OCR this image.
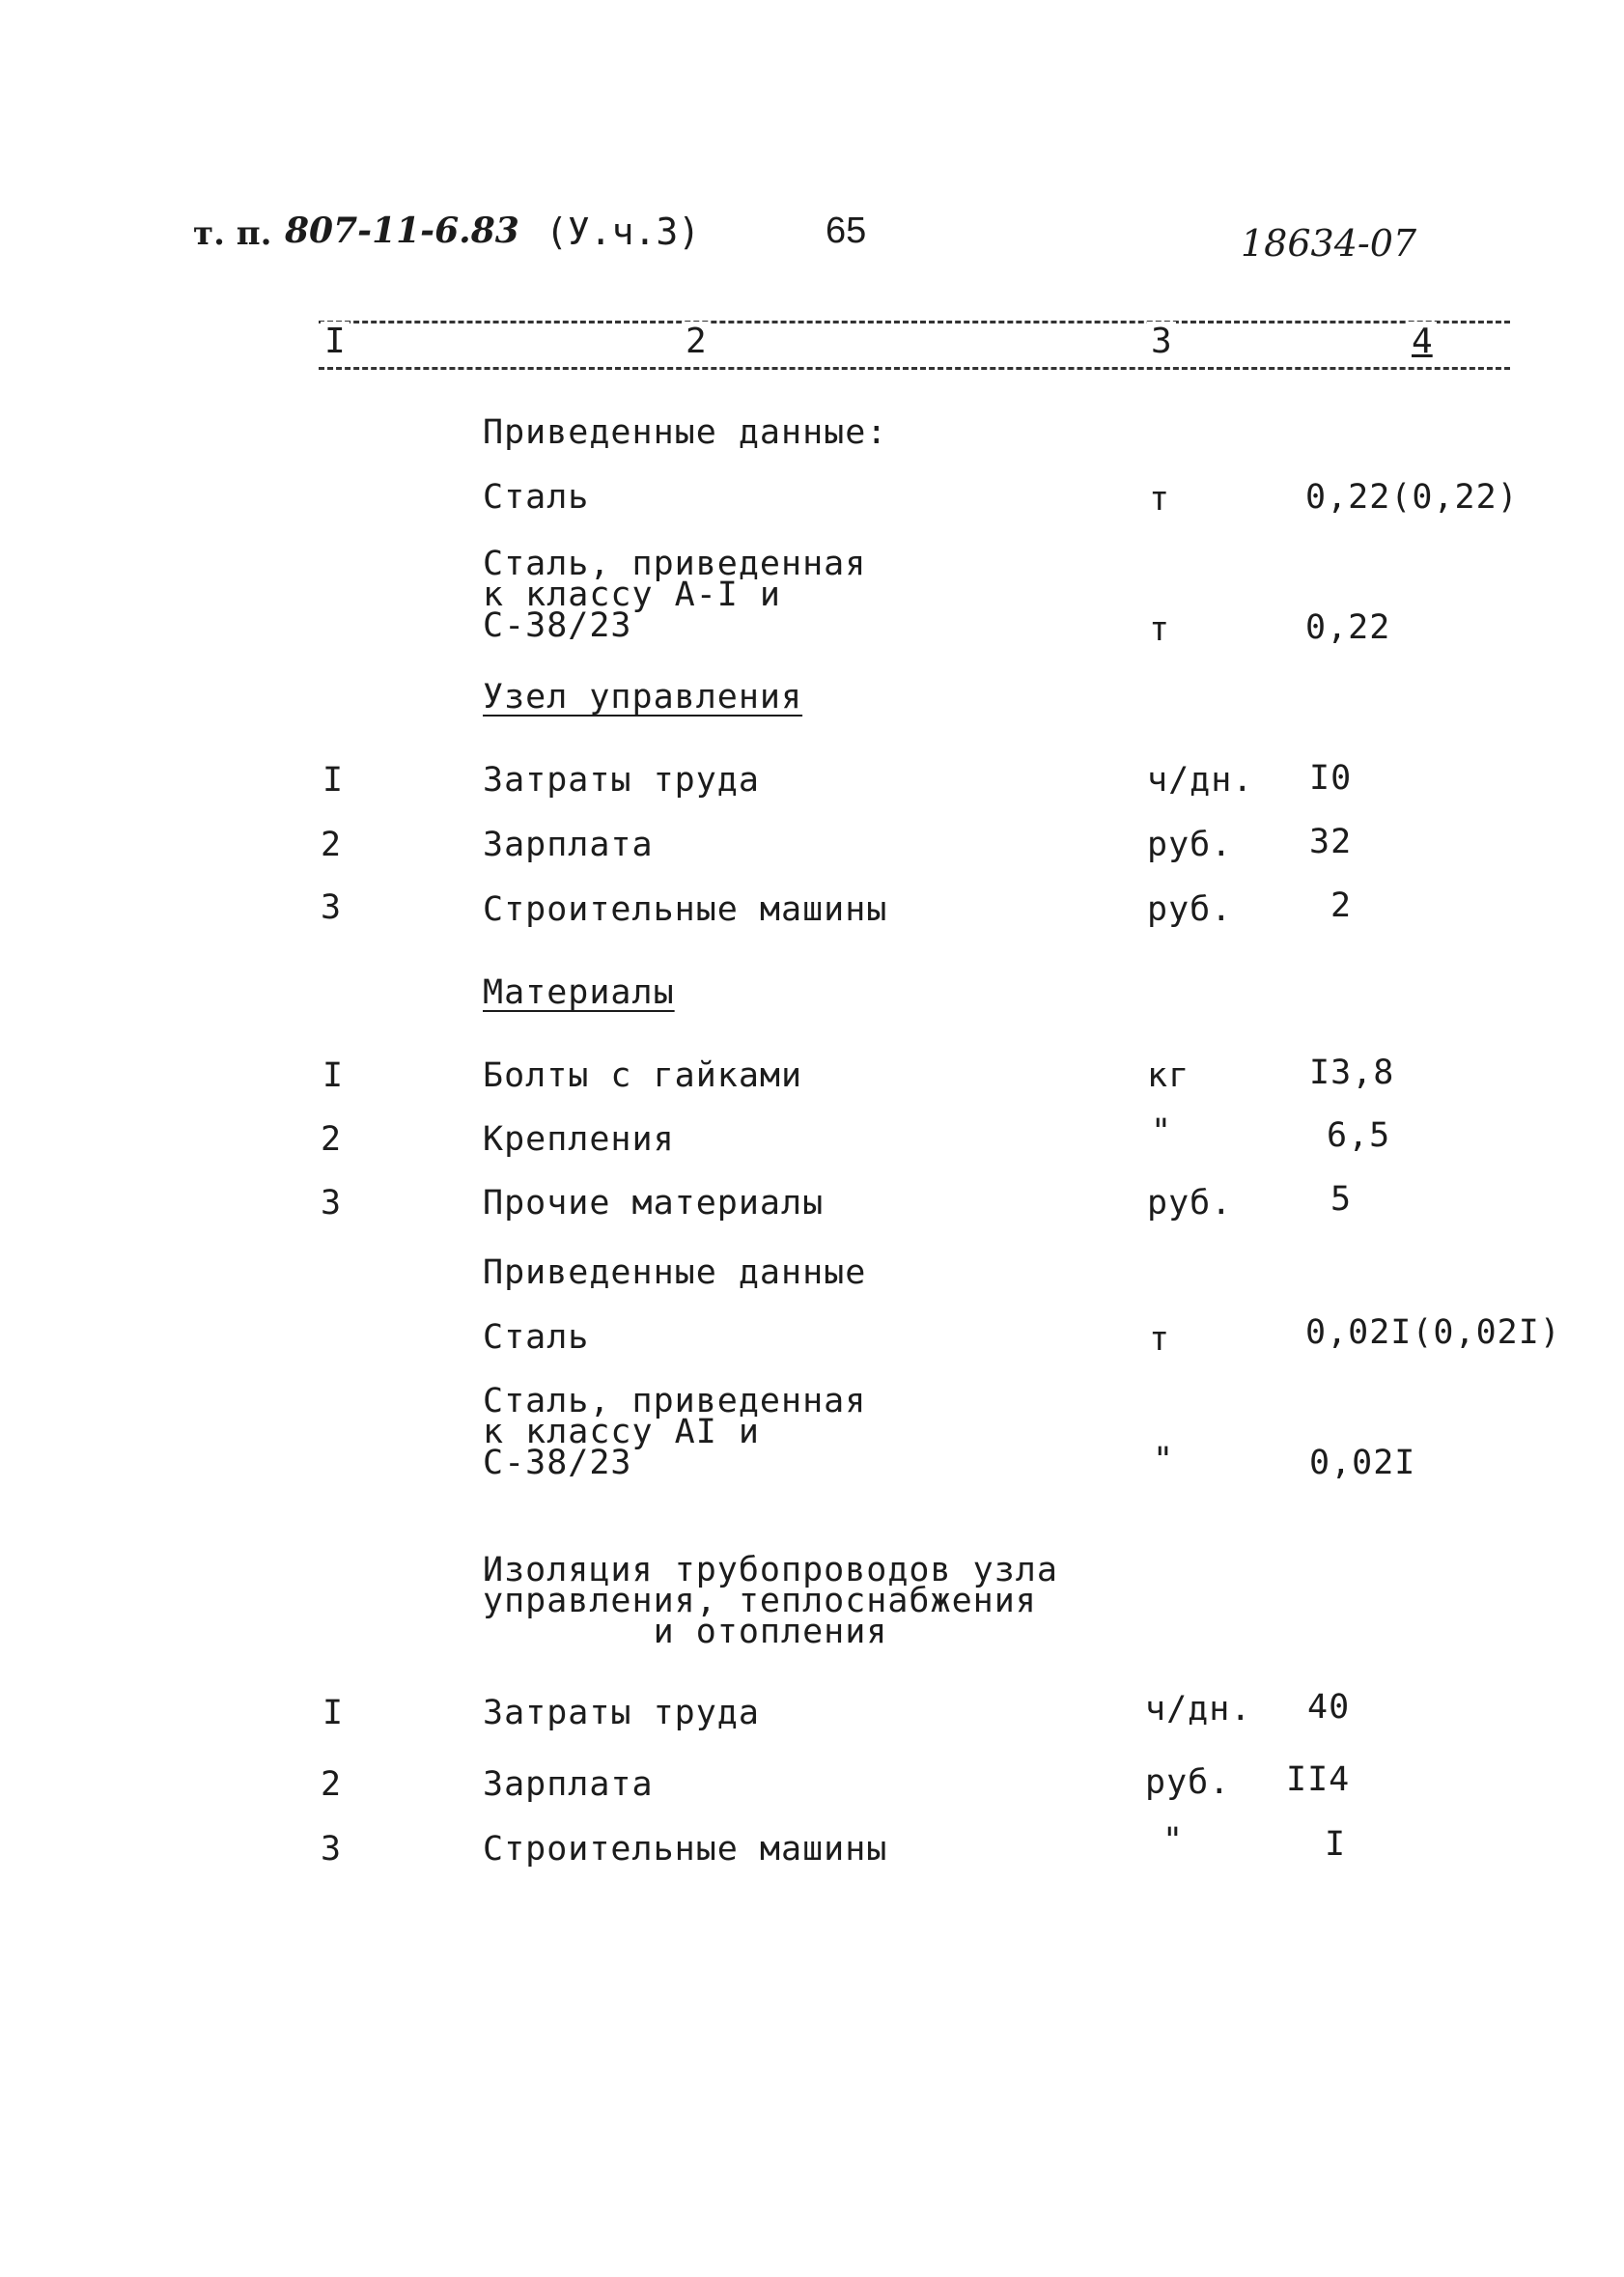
т. п. 807-11-6.83 (У.ч.3)	65	18634-07
I	2	3	4
Приведенные данные:
Сталь	т	0,22(0,22)
Сталь, приведенная
к классу А-I и
С-38/23	т	0,22
Узел управления
I	Затраты труда	ч/дн. I0
2	Зарплата	руб. 32
3	Строительные машины	руб.	2
Материалы
I	Болты с гайками	кг	I3,8
2	Крепления	"	6,5
3	Прочие материалы	руб.	5
Приведенные данные
Сталь	т	0,02I(0,02I)
Сталь, приведенная
к классу АI и
С-38/23	"	0,02I
Изоляция трубопроводов узла
управления, теплоснабжения
и отопления
I	Затраты труда	ч/дн. 40
2	Зарплата	руб. II4
3	Строительные машины	"	I
